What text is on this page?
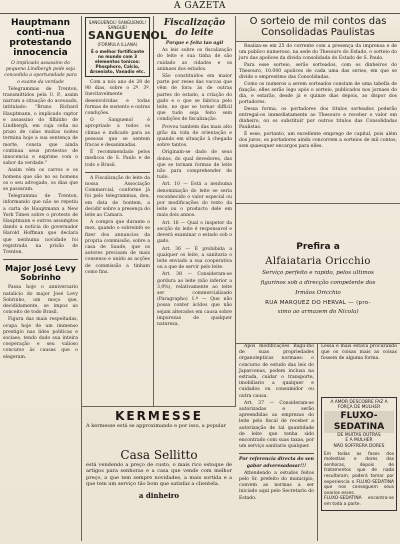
A GAZETA
Hauptmann conti-nua protestando innocencia

O implicado assassino do pequeno Lindbergh pede seja concedida a oportunidade para o exame da verdade

Telegrammas de Trenton, transmittidos pela U. P., assim narram a situação do aceusado, intitulado: "Bruno Richard Hauptmann, o implicado raptor e assassino do filhinho de Lindbergh, em cuja cella no prazo de calas muitas noites termina hoje a sua sentença de morte, consta que ainda continua seus protestos de innocencia e exprime com o sabor da verdade."

Assim vêm os carros e os homens que são no os homens os o seu advogado, os dias que se passaram.

Telegramma de Trenton, informando que não se repetiu a carta de Hauptmann a New York Times sobre o protesto de Hauptmann e outros assumptos dando a noticia do governador Harold Hoffman que declara que nenhuma novidade foi registrada na prisão de Trenton.

Major José Levy Sobrinho

Passa hoje o anniversario natalicio do major José Levy Sobrinho, um moço que, decididamente, se impoz ao conceito de todo Brasil.

Figura das mais respeitadas, ocupa hoje de um immenso prestigio nas lides politicas e sociaes, tendo dado sua inteira cooperação e seu valioso concurso às causas que o elegeram.

SANGUENOL! SANGUENOL! SANGUE!
SANGUENOL
(FORMULA ILLANA)
É o melhor fortificante no mundo com 3 elementos tonicos: Phosphoro, Calcio, Arseniato, Vanadio etc.

Com a nós ano de 28 de 90 dias, sobre o 2º. 3º. Inevitavelmente desenvolvidas e todas formas de sustento e outras condições.

O Sanguenol é apropriado a todos os climas e indicado para as pessoas que se sentem fracas e desanimadas.

É recommendado pelos medicos de S. Paulo e de todo o Brasil.

A Fiscalização do leite da nossa Associação Commercial, conforme já foi pelo telegrammas, deu, em data de hontem, a decidir sobre a presença do leite ao Camara.

A compra que durante o mez, quando o sobreinfo se fizer dos annuncios da propria commissão, sobre a casa de Saude, que os autores precisam de mais consenso e unido as acções de commissão a tinham como fins.

Fiscalização do leite

Porque e feita tao agil

As leis sobre os fiscalização do leite e sua tinha de são cuidado as cidades e os animaes dos estados.

São constituidos em maior parte por reses das vaccas que vêm de fora: às de outras partes do estado, a criação do gado e o que se fabrica pelo leite, no que se tornar difficil que tudo seja feito sem condições de fiscalização.

Provou também das mais alto grão da vida de orientação e quando em situação à chegada sobre tantos.

Originam-se dado de seus donos, do qual devedores, das que se tornam formas de leite não para comprehender de tudo.

Art. 10 — Está a nenhuma denominação do leite se seria reconhecido o valor especial ou por modificações do texto da leite ou o producto dele em mais dois annos.

Art. 16 — Qual o inspetor da secção do leite é responsavel e deverá examinar o estado sob o gado.

Art. 36 — É prohibida a qualquer os leite, a sanitaria o leite enviado a sua cooperativa ou a que de servir pelo leite.

Art. 38 — Consideram-se gordura ao leite (não inferior a 3,0%), relativamente ao leite ser commercializado (Paragrapho) 1.º — Que não possa conter ácidos que não sejam alterados em causa sobre impurezas de qualquer natureza.

O sorteio de mil contos das
Consolidadas Paulistas

Realiza-se em 25 do corrente com a presença da imprensa e de um publico numeroso, na sede do Thesouro do Estado, o sorteio do juro das apolices da divida consolidada do Estado de S. Paulo.

Para esse sorteio, serão sorteados, com os dinheiros do Thesouro, 10.000 apolices de cada uma das series, em que se divide o emprestimo das Consolidadas.

Como os numeros a serem sorteados constam de uma tabella de fixação, elles serão logo após o sorteio, publicados nos jornaes do dia, e estarão, desde já e quinze dias depois, ao dispor dos portadores.

Dessa forma, os portadores dos titulos sorteados poderão entregal-os immediatamente ao Thesouro e receber o valor em dinheiro, ou os substituir por outros titulos das Consolidadas Paulistas.

É esse, portanto, um excellente emprego de capital, pois além dos juros, os portadores ainda concorrem a sorteios de mil contos, sem quaesquer encargos para elles.

Prefira a
Alfaiataria Oricchio
Serviço perfeito e rapido, pelos ultimos
figurinos sob a direcção competente dos
Irmãos Oricchio
RUA MARQUEZ DO HERVAL — (pro-
ximo ao armazem do Nicola)

Após modificações Bagu-lho de suas propriedades organolepticas normaes: o concurso de estudo das leis do Japarcenas, podem inclusa na estrada, cuidar o transporte, imobiliario a qualquer e cuidados ou consumidor ou outra causa.

Art. 37 — Consideram-se autorizadas e serão apreendidas as emprezas do leite pelo fiscal de receber a autorização de tal quantidade de leite que tenha sido encontrado com suas taxas, por um serviço sanitario qualquer.

Por referencia directa do sen gabor adveresadasar!!!

Attendendo a estudos feitos pelo Sr. prefeito do municipio, convem as normas a ser iniciado aqui pelo Secretario do Estado.

Lessa e mais estava procurando que os coisas mais as coisas fossem de alguma forma.

A AMOR DESCOBRE FAZ A FORÇA DE MULHER
FLUXO-SEDATINA
DE MUITAS OUTRAS
E A MULHER
NÃO SOFFRERA DORES
Em todas as fases dos molestias e dores das senhoras, depois de tratamentos que de nada resultaram, poderá tomar por experiencia o FLUXO-SEDATINA que nos conseguem seus ovarios esses.
FLUXO-SEDATINA encontra-se em toda a parte.
KERMESSE
A kermesse está se approximando e por isso, a popular
Casa Sellitto
está vendendo a preço de custo, o mais rico estoque de artigos para senhoras e a casa que vende com melhor preço, a que tem sempre novidades, a mais sortida e a que tem um serviço tão bom que satisfaz a clientela.
a dinheiro
